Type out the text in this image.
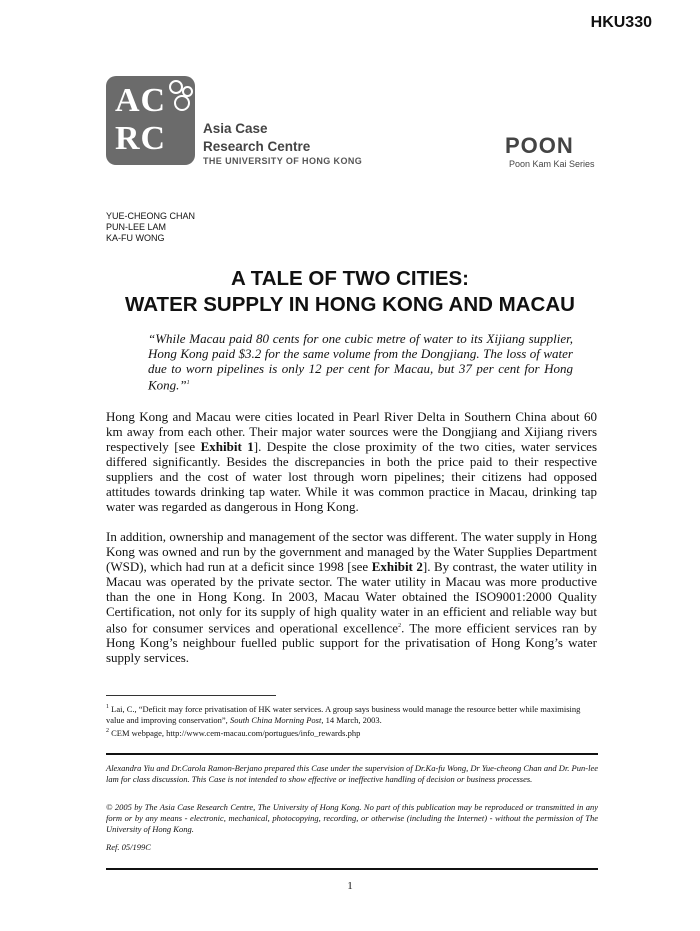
HKU330
AC
RC	Asia Case
Research Centre
THE UNIVERSITY OF HONG KONG
POON
Poon Kam Kai Series
YUE-CHEONG CHAN
PUN-LEE LAM
KA-FU WONG
A TALE OF TWO CITIES:
WATER SUPPLY IN HONG KONG AND MACAU
“While Macau paid 80 cents for one cubic metre of water to its Xijiang supplier, Hong Kong paid $3.2 for the same volume from the Dongjiang. The loss of water due to worn pipelines is only 12 per cent for Macau, but 37 per cent for Hong Kong.”$^1$
Hong Kong and Macau were cities located in Pearl River Delta in Southern China about 60 km away from each other. Their major water sources were the Dongjiang and Xijiang rivers respectively [see Exhibit 1]. Despite the close proximity of the two cities, water services differed significantly. Besides the discrepancies in both the price paid to their respective suppliers and the cost of water lost through worn pipelines; their citizens had opposed attitudes towards drinking tap water. While it was common practice in Macau, drinking tap water was regarded as dangerous in Hong Kong.
In addition, ownership and management of the sector was different. The water supply in Hong Kong was owned and run by the government and managed by the Water Supplies Department (WSD), which had run at a deficit since 1998 [see Exhibit 2]. By contrast, the water utility in Macau was operated by the private sector. The water utility in Macau was more productive than the one in Hong Kong. In 2003, Macau Water obtained the ISO9001:2000 Quality Certification, not only for its supply of high quality water in an efficient and reliable way but also for consumer services and operational excellence$^2$. The more efficient services ran by Hong Kong’s neighbour fuelled public support for the privatisation of Hong Kong’s water supply services.
$^1$ Lai, C., “Deficit may force privatisation of HK water services. A group says business would manage the resource better while maximising value and improving conservation”, South China Morning Post, 14 March, 2003.
$^2$ CEM webpage, http://www.cem-macau.com/portugues/info_rewards.php
Alexandra Yiu and Dr.Carola Ramon-Berjano prepared this Case under the supervision of Dr.Ka-fu Wong, Dr Yue-cheong Chan and Dr. Pun-lee lam for class discussion. This Case is not intended to show effective or ineffective handling of decision or business processes.
© 2005 by The Asia Case Research Centre, The University of Hong Kong. No part of this publication may be reproduced or transmitted in any form or by any means - electronic, mechanical, photocopying, recording, or otherwise (including the Internet) - without the permission of The University of Hong Kong.
Ref. 05/199C
1
